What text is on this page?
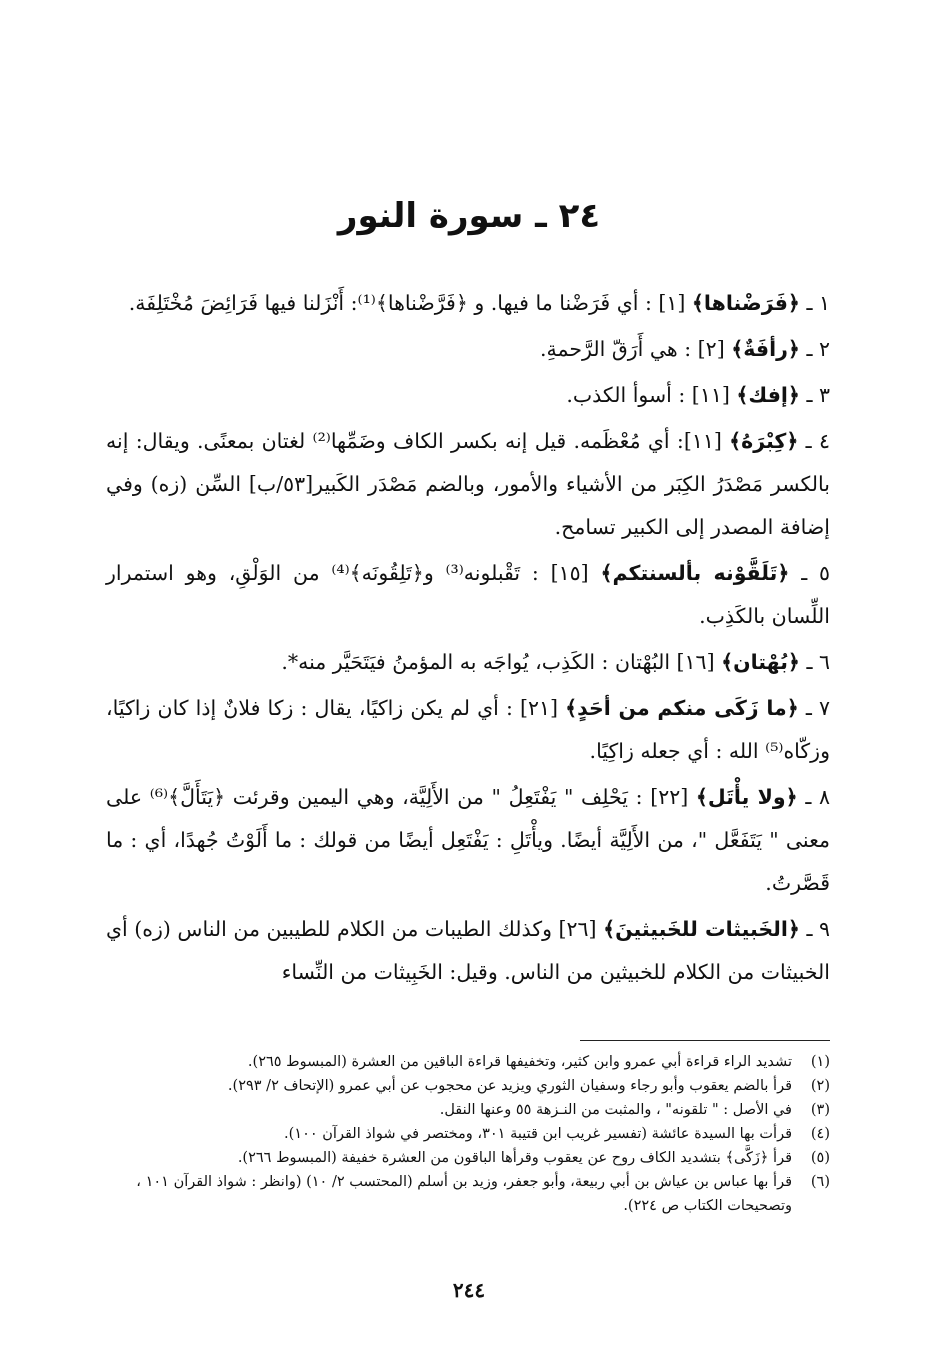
٢٤ ـ سورة النور

١ ـ ﴿فَرَضْناها﴾ [١] : أي فَرَضْنا ما فيها. و ﴿فَرَّضْناها﴾⁽¹⁾: أَنْزَلنا فيها فَرَائِضَ مُخْتَلِفَة.

٢ ـ ﴿رأفَةٌ﴾ [٢] : هي أَرَقّ الرَّحمةِ.

٣ ـ ﴿إفك﴾ [١١] : أسوأ الكذب.

٤ ـ ﴿كِبْرَهُ﴾ [١١]: أي مُعْظَمه. قيل إنه بكسر الكاف وضَمِّها⁽²⁾ لغتان بمعنًى. ويقال: إنه بالكسر مَصْدَرُ الكِبَر من الأشياء والأمور، وبالضم مَصْدَر الكَبير[٥٣/ب] السِّن (زه) وفي إضافة المصدر إلى الكبير تسامح.

٥ ـ ﴿تَلَقَّوْنه بألسنتكم﴾ [١٥] : تَقْبلونه⁽³⁾ و﴿تَلِقُونَه﴾⁽⁴⁾ من الوَلْقِ، وهو استمرار اللِّسان بالكَذِب.

٦ ـ ﴿بُهْتان﴾ [١٦] البُهْتان : الكَذِب، يُواجَه به المؤمنُ فيَتَحَيَّر منه*.

٧ ـ ﴿ما زَكَى منكم من أحَدٍ﴾ [٢١] : أي لم يكن زاكيًا، يقال : زكا فلانٌ إذا كان زاكيًا، وزكّاه⁽⁵⁾ الله : أي جعله زاكِيًا.

٨ ـ ﴿ولا يأْتَل﴾ [٢٢] : يَحْلِف " يَفْتَعِلُ " من الأَلِيَّة، وهي اليمين وقرئت ﴿يَتَأَلَّ﴾⁽⁶⁾ على معنى " يَتَفَعَّل "، من الأَلِيَّة أيضًا. ويأْتَلِ : يَفْتَعِل أيضًا من قولك : ما أَلَوْتُ جُهدًا، أي : ما قَصَّرتُ.

٩ ـ ﴿الخَبيثات للخَبيثينَ﴾ [٢٦] وكذلك الطيبات من الكلام للطيبين من الناس (زه) أي الخبيثات من الكلام للخبيثين من الناس. وقيل: الخَبِيثات من النِّساء

(١)
تشديد الراء قراءة أبي عمرو وابن كثير، وتخفيفها قراءة الباقين من العشرة (المبسوط ٢٦٥).

(٢)
قرأ بالضم يعقوب وأبو رجاء وسفيان الثوري ويزيد عن محجوب عن أبي عمرو (الإتحاف ٢/ ٢٩٣).

(٣)
في الأصل : " تلقونه" ، والمثبت من النـزهة ٥٥ وعنها النقل.

(٤)
قرأت بها السيدة عائشة (تفسير غريب ابن قتيبة ٣٠١، ومختصر في شواذ القرآن ١٠٠).

(٥)
قرأ ﴿زَكَّى﴾ بتشديد الكاف روح عن يعقوب وقرأها الباقون من العشرة خفيفة (المبسوط ٢٦٦).

(٦)
قرأ بها عباس بن عياش بن أبي ربيعة، وأبو جعفر، وزيد بن أسلم (المحتسب ٢/ ١٠) (وانظر : شواذ القرآن ١٠١ ، وتصحيحات الكتاب ص ٢٢٤).

٢٤٤
